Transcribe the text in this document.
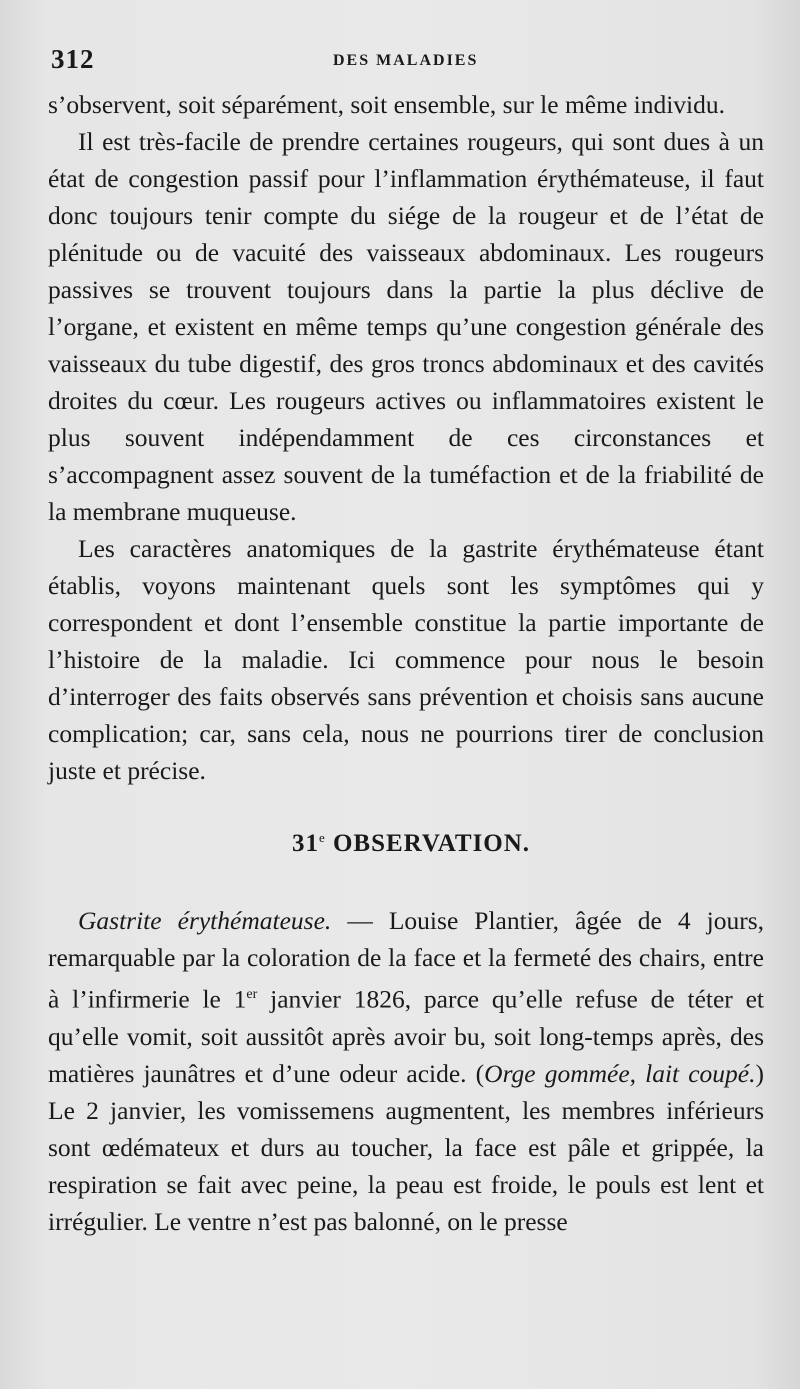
312	DES MALADIES

s’observent, soit séparément, soit ensemble, sur le même individu.

Il est très-facile de prendre certaines rougeurs, qui sont dues à un état de congestion passif pour l’inflammation érythémateuse, il faut donc toujours tenir compte du siége de la rougeur et de l’état de plénitude ou de vacuité des vaisseaux abdominaux. Les rougeurs passives se trouvent toujours dans la partie la plus déclive de l’organe, et existent en même temps qu’une congestion générale des vaisseaux du tube digestif, des gros troncs abdominaux et des cavités droites du cœur. Les rougeurs actives ou inflammatoires existent le plus souvent indépendamment de ces circonstances et s’accompagnent assez souvent de la tuméfaction et de la friabilité de la membrane muqueuse.

Les caractères anatomiques de la gastrite érythémateuse étant établis, voyons maintenant quels sont les symptômes qui y correspondent et dont l’ensemble constitue la partie importante de l’histoire de la maladie. Ici commence pour nous le besoin d’interroger des faits observés sans prévention et choisis sans aucune complication; car, sans cela, nous ne pourrions tirer de conclusion juste et précise.

31e OBSERVATION.

Gastrite érythémateuse. — Louise Plantier, âgée de 4 jours, remarquable par la coloration de la face et la fermeté des chairs, entre à l’infirmerie le 1er janvier 1826, parce qu’elle refuse de téter et qu’elle vomit, soit aussitôt après avoir bu, soit long-temps après, des matières jaunâtres et d’une odeur acide. (Orge gommée, lait coupé.) Le 2 janvier, les vomissemens augmentent, les membres inférieurs sont œdémateux et durs au toucher, la face est pâle et grippée, la respiration se fait avec peine, la peau est froide, le pouls est lent et irrégulier. Le ventre n’est pas balonné, on le presse
